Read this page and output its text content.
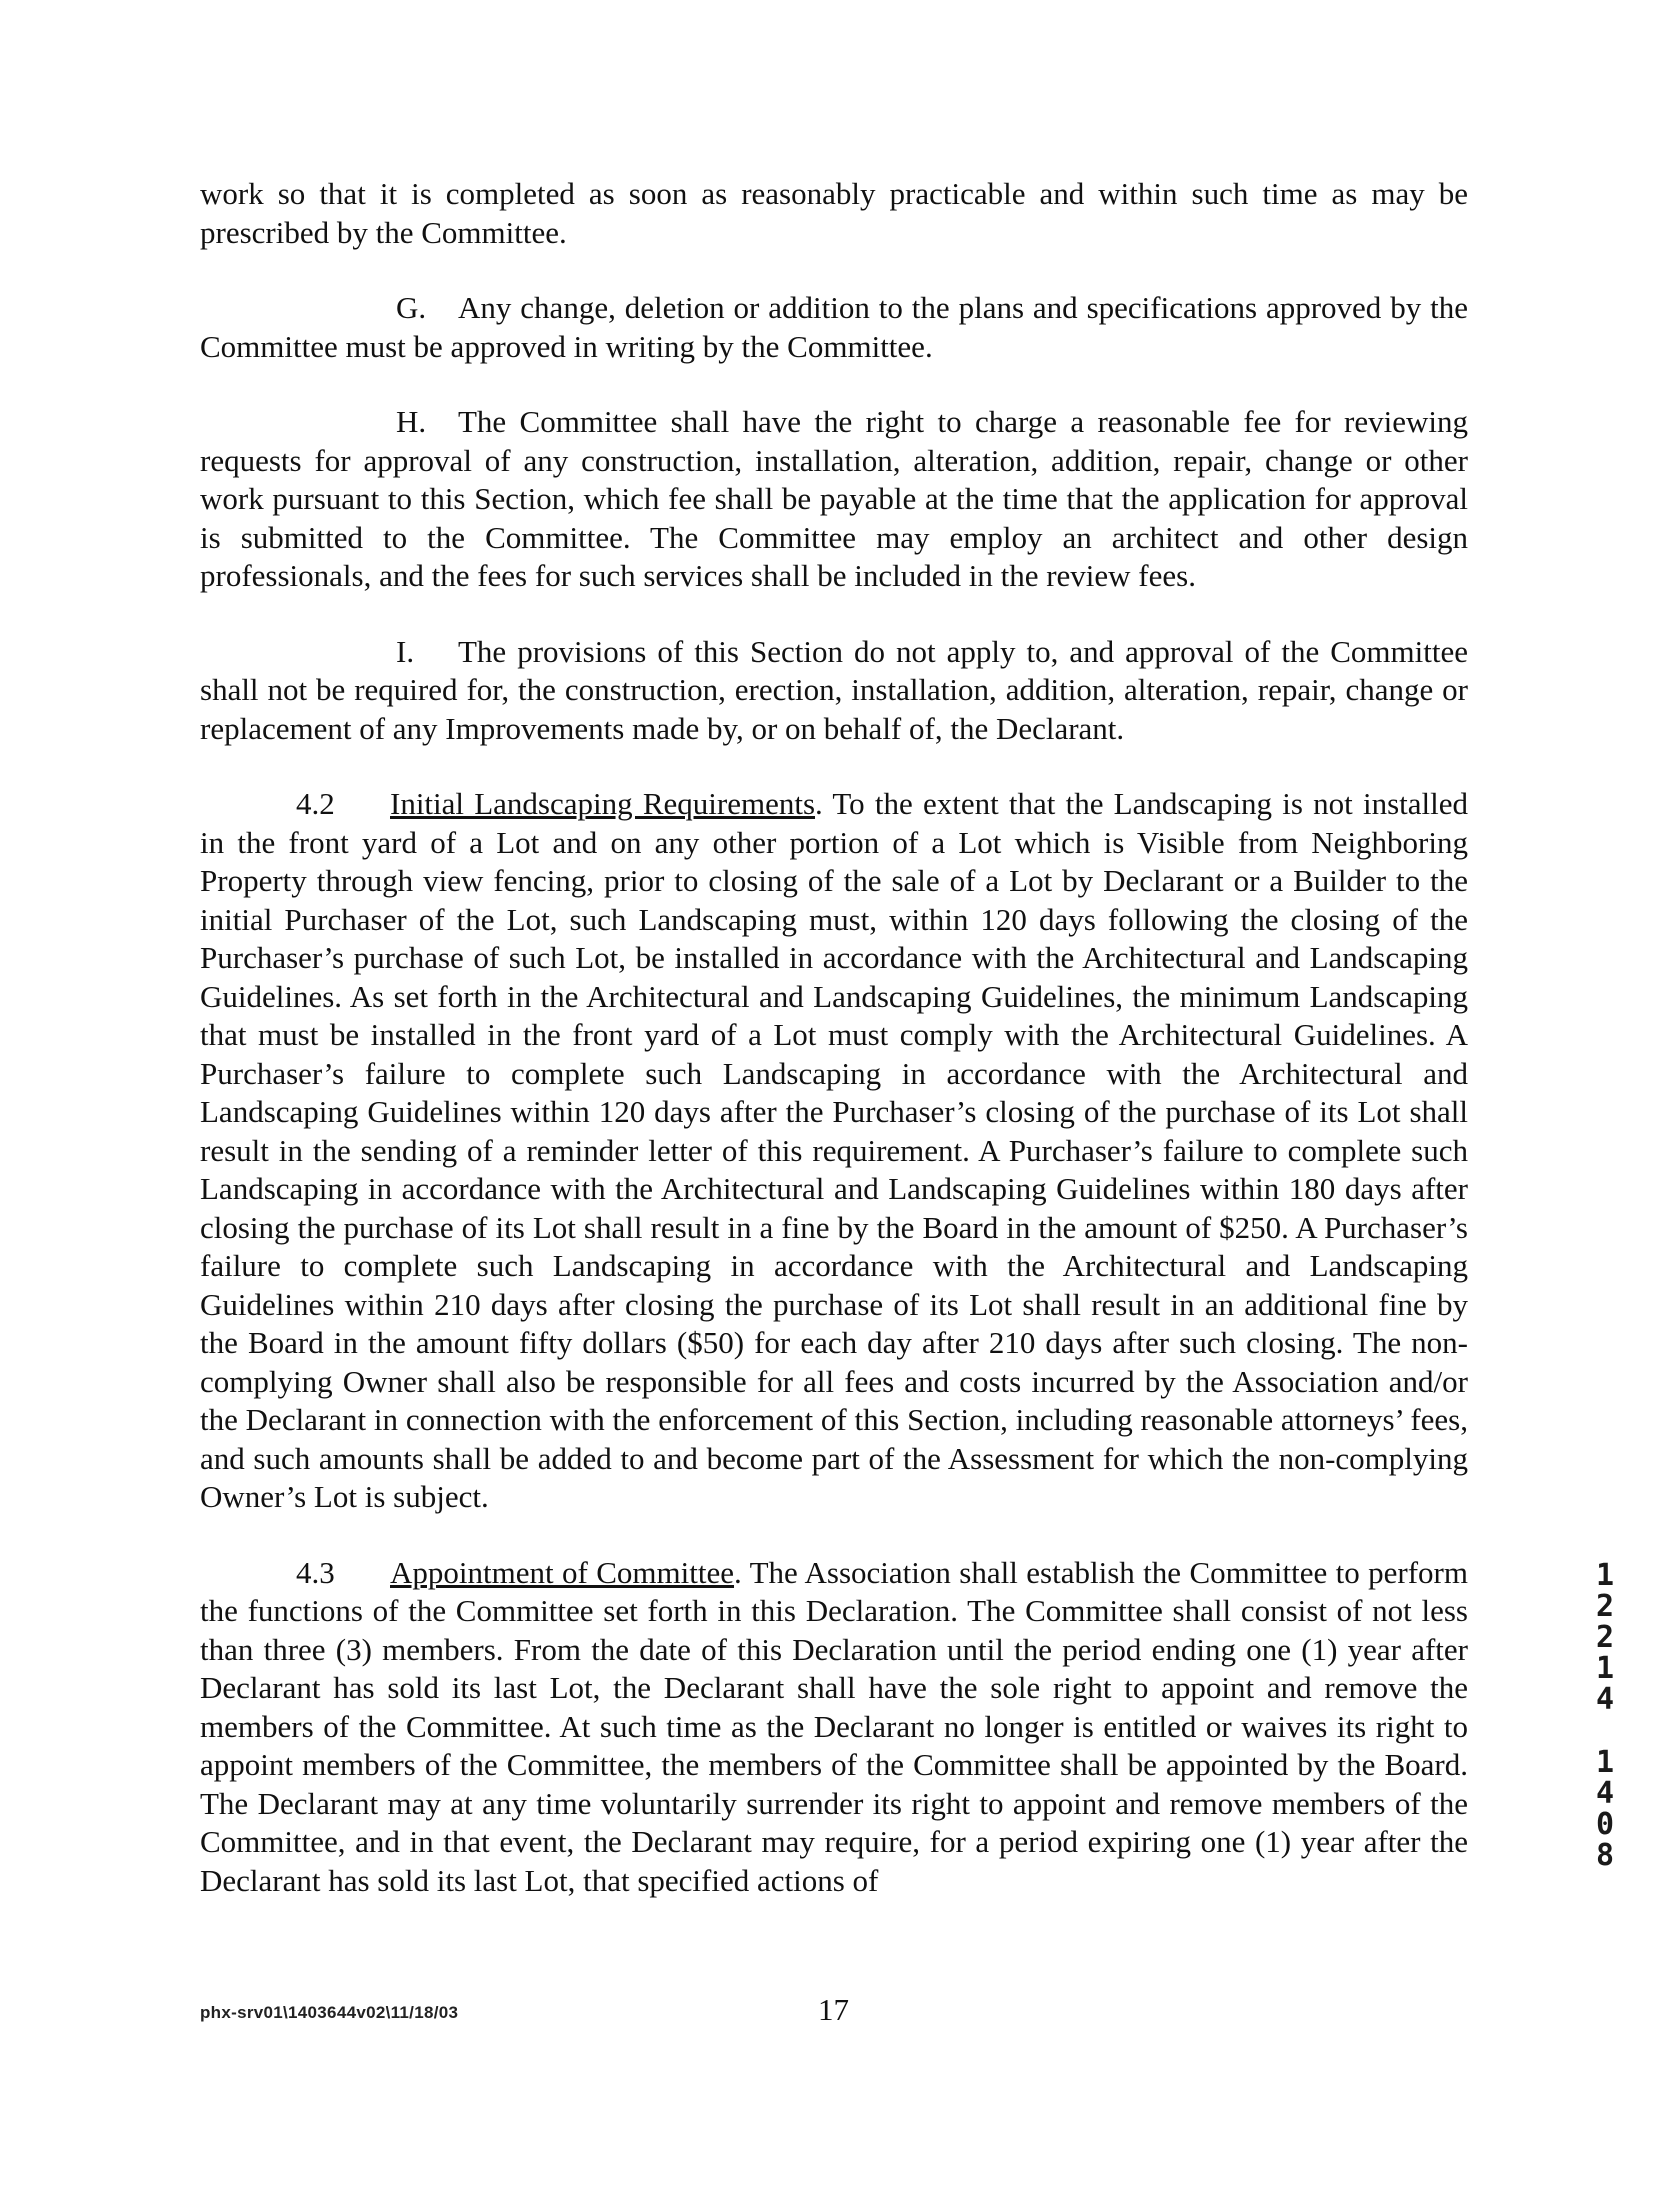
work so that it is completed as soon as reasonably practicable and within such time as may be prescribed by the Committee.

G. Any change, deletion or addition to the plans and specifications approved by the Committee must be approved in writing by the Committee.

H. The Committee shall have the right to charge a reasonable fee for reviewing requests for approval of any construction, installation, alteration, addition, repair, change or other work pursuant to this Section, which fee shall be payable at the time that the application for approval is submitted to the Committee. The Committee may employ an architect and other design professionals, and the fees for such services shall be included in the review fees.

I. The provisions of this Section do not apply to, and approval of the Committee shall not be required for, the construction, erection, installation, addition, alteration, repair, change or replacement of any Improvements made by, or on behalf of, the Declarant.

4.2 Initial Landscaping Requirements. To the extent that the Landscaping is not installed in the front yard of a Lot and on any other portion of a Lot which is Visible from Neighboring Property through view fencing, prior to closing of the sale of a Lot by Declarant or a Builder to the initial Purchaser of the Lot, such Landscaping must, within 120 days following the closing of the Purchaser’s purchase of such Lot, be installed in accordance with the Architectural and Landscaping Guidelines. As set forth in the Architectural and Landscaping Guidelines, the minimum Landscaping that must be installed in the front yard of a Lot must comply with the Architectural Guidelines. A Purchaser’s failure to complete such Landscaping in accordance with the Architectural and Landscaping Guidelines within 120 days after the Purchaser’s closing of the purchase of its Lot shall result in the sending of a reminder letter of this requirement. A Purchaser’s failure to complete such Landscaping in accordance with the Architectural and Landscaping Guidelines within 180 days after closing the purchase of its Lot shall result in a fine by the Board in the amount of $250. A Purchaser’s failure to complete such Landscaping in accordance with the Architectural and Landscaping Guidelines within 210 days after closing the purchase of its Lot shall result in an additional fine by the Board in the amount fifty dollars ($50) for each day after 210 days after such closing. The non-complying Owner shall also be responsible for all fees and costs incurred by the Association and/or the Declarant in connection with the enforcement of this Section, including reasonable attorneys’ fees, and such amounts shall be added to and become part of the Assessment for which the non-complying Owner’s Lot is subject.

4.3 Appointment of Committee. The Association shall establish the Committee to perform the functions of the Committee set forth in this Declaration. The Committee shall consist of not less than three (3) members. From the date of this Declaration until the period ending one (1) year after Declarant has sold its last Lot, the Declarant shall have the sole right to appoint and remove the members of the Committee. At such time as the Declarant no longer is entitled or waives its right to appoint members of the Committee, the members of the Committee shall be appointed by the Board. The Declarant may at any time voluntarily surrender its right to appoint and remove members of the Committee, and in that event, the Declarant may require, for a period expiring one (1) year after the Declarant has sold its last Lot, that specified actions of

1
2
2
1
4
1
4
0
8
phx-srv01\1403644v02\11/18/03	17
